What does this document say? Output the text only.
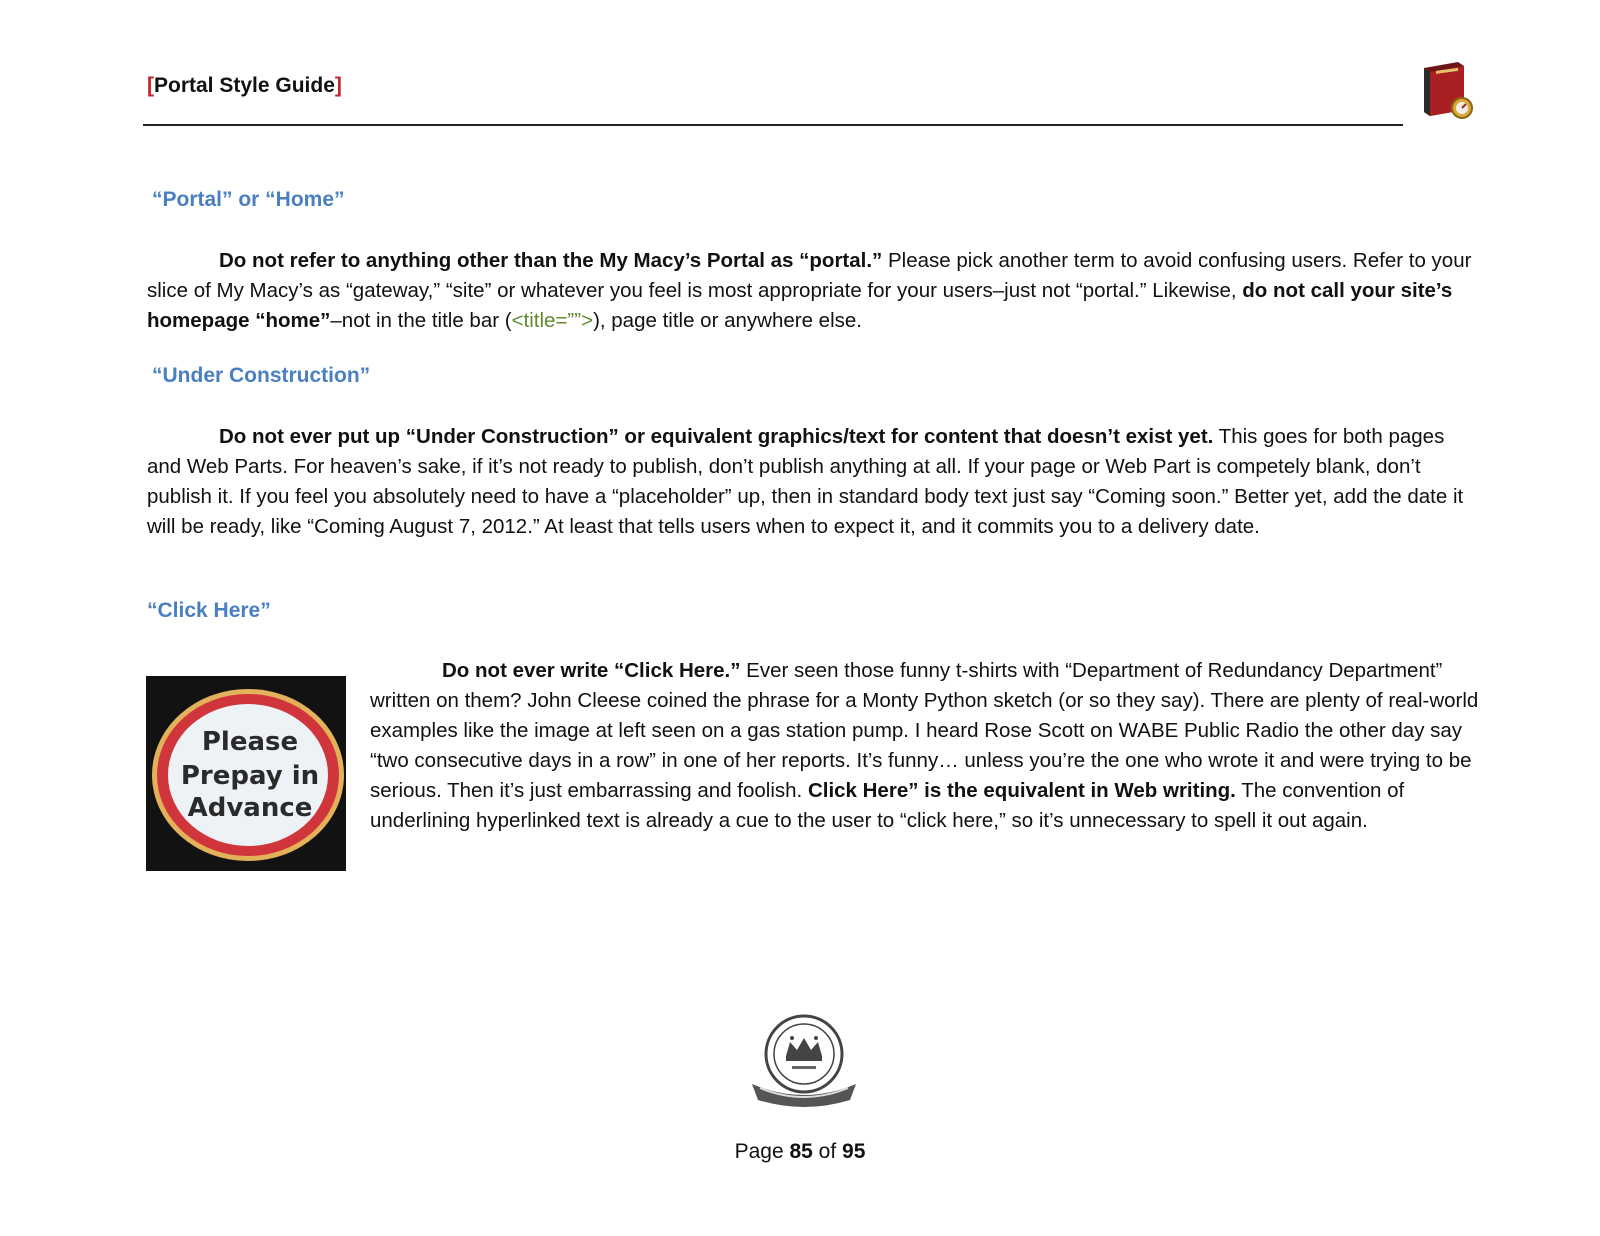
[Portal Style Guide]
“Portal” or “Home”
Do not refer to anything other than the My Macy’s Portal as “portal.” Please pick another term to avoid confusing users. Refer to your slice of My Macy’s as “gateway,” “site” or whatever you feel is most appropriate for your users–just not “portal.” Likewise, do not call your site’s homepage “home”–not in the title bar (<title=””>), page title or anywhere else.
“Under Construction”
Do not ever put up “Under Construction” or equivalent graphics/text for content that doesn’t exist yet. This goes for both pages and Web Parts. For heaven’s sake, if it’s not ready to publish, don’t publish anything at all. If your page or Web Part is competely blank, don’t publish it. If you feel you absolutely need to have a “placeholder” up, then in standard body text just say “Coming soon.” Better yet, add the date it will be ready, like “Coming August 7, 2012.” At least that tells users when to expect it, and it commits you to a delivery date.
“Click Here”
Please
Prepay in
Advance
Do not ever write “Click Here.” Ever seen those funny t-shirts with “Department of Redundancy Department” written on them? John Cleese coined the phrase for a Monty Python sketch (or so they say). There are plenty of real-world examples like the image at left seen on a gas station pump. I heard Rose Scott on WABE Public Radio the other day say “two consecutive days in a row” in one of her reports. It’s funny… unless you’re the one who wrote it and were trying to be serious. Then it’s just embarrassing and foolish. Click Here” is the equivalent in Web writing. The convention of underlining hyperlinked text is already a cue to the user to “click here,” so it’s unnecessary to spell it out again.
Page 85 of 95
